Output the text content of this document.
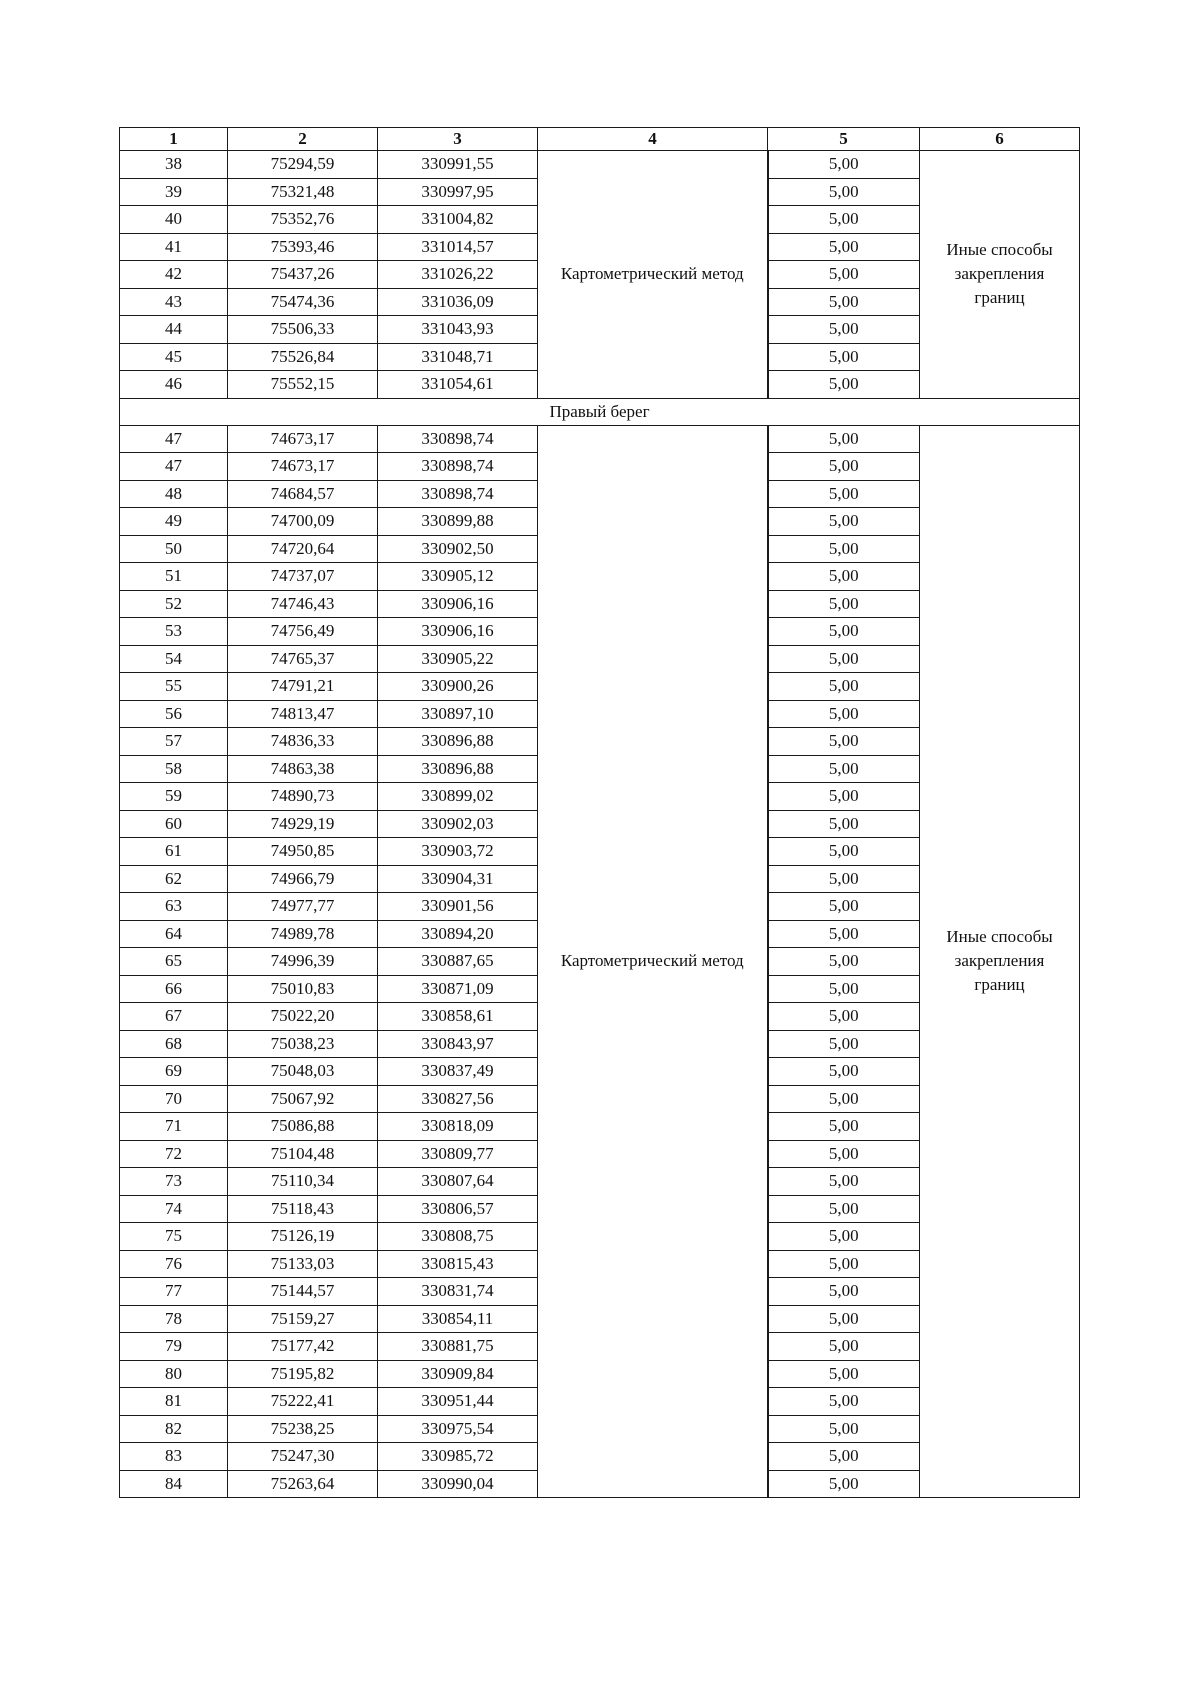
1	2	3	4	5	6
38	75294,59	330991,55	Картометрический метод	5,00	Иные способы
закрепления
границ
39	75321,48	330997,95		5,00	
40	75352,76	331004,82		5,00	
41	75393,46	331014,57		5,00	
42	75437,26	331026,22		5,00	
43	75474,36	331036,09		5,00	
44	75506,33	331043,93		5,00	
45	75526,84	331048,71		5,00	
46	75552,15	331054,61		5,00	
Правый берег					
47	74673,17	330898,74	Картометрический метод	5,00	Иные способы
закрепления
границ
47	74673,17	330898,74		5,00	
48	74684,57	330898,74		5,00	
49	74700,09	330899,88		5,00	
50	74720,64	330902,50		5,00	
51	74737,07	330905,12		5,00	
52	74746,43	330906,16		5,00	
53	74756,49	330906,16		5,00	
54	74765,37	330905,22		5,00	
55	74791,21	330900,26		5,00	
56	74813,47	330897,10		5,00	
57	74836,33	330896,88		5,00	
58	74863,38	330896,88		5,00	
59	74890,73	330899,02		5,00	
60	74929,19	330902,03		5,00	
61	74950,85	330903,72		5,00	
62	74966,79	330904,31		5,00	
63	74977,77	330901,56		5,00	
64	74989,78	330894,20		5,00	
65	74996,39	330887,65		5,00	
66	75010,83	330871,09		5,00	
67	75022,20	330858,61		5,00	
68	75038,23	330843,97		5,00	
69	75048,03	330837,49		5,00	
70	75067,92	330827,56		5,00	
71	75086,88	330818,09		5,00	
72	75104,48	330809,77		5,00	
73	75110,34	330807,64		5,00	
74	75118,43	330806,57		5,00	
75	75126,19	330808,75		5,00	
76	75133,03	330815,43		5,00	
77	75144,57	330831,74		5,00	
78	75159,27	330854,11		5,00	
79	75177,42	330881,75		5,00	
80	75195,82	330909,84		5,00	
81	75222,41	330951,44		5,00	
82	75238,25	330975,54		5,00	
83	75247,30	330985,72		5,00	
84	75263,64	330990,04		5,00	
